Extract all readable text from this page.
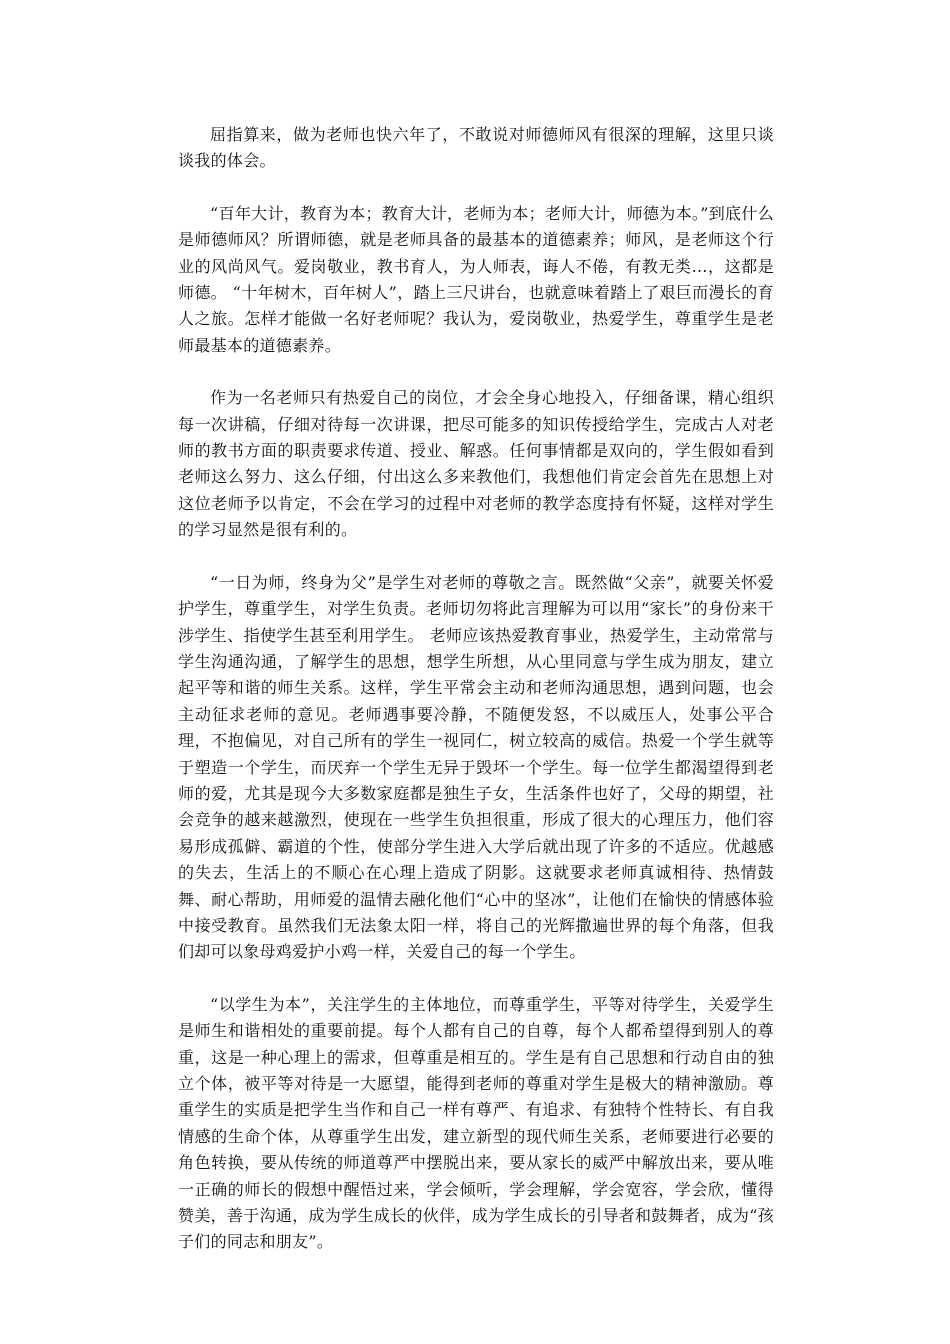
屈指算来，做为老师也快六年了，不敢说对师德师风有很深的理解，这里只谈谈我的体会。

“百年大计，教育为本；教育大计，老师为本；老师大计，师德为本。”到底什么是师德师风？所谓师德，就是老师具备的最基本的道德素养；师风，是老师这个行业的风尚风气。爱岗敬业，教书育人，为人师表，诲人不倦，有教无类…，这都是师德。 “十年树木，百年树人”，踏上三尺讲台，也就意味着踏上了艰巨而漫长的育人之旅。怎样才能做一名好老师呢？我认为，爱岗敬业，热爱学生，尊重学生是老师最基本的道德素养。

作为一名老师只有热爱自己的岗位，才会全身心地投入，仔细备课，精心组织每一次讲稿，仔细对待每一次讲课，把尽可能多的知识传授给学生，完成古人对老师的教书方面的职责要求传道、授业、解惑。任何事情都是双向的，学生假如看到老师这么努力、这么仔细，付出这么多来教他们，我想他们肯定会首先在思想上对这位老师予以肯定，不会在学习的过程中对老师的教学态度持有怀疑，这样对学生的学习显然是很有利的。

“一日为师，终身为父”是学生对老师的尊敬之言。既然做“父亲”，就要关怀爱护学生，尊重学生，对学生负责。老师切勿将此言理解为可以用“家长”的身份来干涉学生、指使学生甚至利用学生。 老师应该热爱教育事业，热爱学生，主动常常与学生沟通沟通，了解学生的思想，想学生所想，从心里同意与学生成为朋友，建立起平等和谐的师生关系。这样，学生平常会主动和老师沟通思想，遇到问题，也会主动征求老师的意见。老师遇事要冷静，不随便发怒，不以威压人，处事公平合理，不抱偏见，对自己所有的学生一视同仁，树立较高的威信。热爱一个学生就等于塑造一个学生，而厌弃一个学生无异于毁坏一个学生。每一位学生都渴望得到老师的爱，尤其是现今大多数家庭都是独生子女，生活条件也好了，父母的期望，社会竞争的越来越激烈，使现在一些学生负担很重，形成了很大的心理压力，他们容易形成孤僻、霸道的个性，使部分学生进入大学后就出现了许多的不适应。优越感的失去，生活上的不顺心在心理上造成了阴影。这就要求老师真诚相待、热情鼓舞、耐心帮助，用师爱的温情去融化他们“心中的坚冰”，让他们在愉快的情感体验中接受教育。虽然我们无法象太阳一样，将自己的光辉撒遍世界的每个角落，但我们却可以象母鸡爱护小鸡一样，关爱自己的每一个学生。

“以学生为本”，关注学生的主体地位，而尊重学生，平等对待学生，关爱学生是师生和谐相处的重要前提。每个人都有自己的自尊，每个人都希望得到别人的尊重，这是一种心理上的需求，但尊重是相互的。学生是有自己思想和行动自由的独立个体，被平等对待是一大愿望，能得到老师的尊重对学生是极大的精神激励。尊重学生的实质是把学生当作和自己一样有尊严、有追求、有独特个性特长、有自我情感的生命个体，从尊重学生出发，建立新型的现代师生关系，老师要进行必要的角色转换，要从传统的师道尊严中摆脱出来，要从家长的威严中解放出来，要从唯一正确的师长的假想中醒悟过来，学会倾听，学会理解，学会宽容，学会欣，懂得赞美，善于沟通，成为学生成长的伙伴，成为学生成长的引导者和鼓舞者，成为“孩子们的同志和朋友”。
